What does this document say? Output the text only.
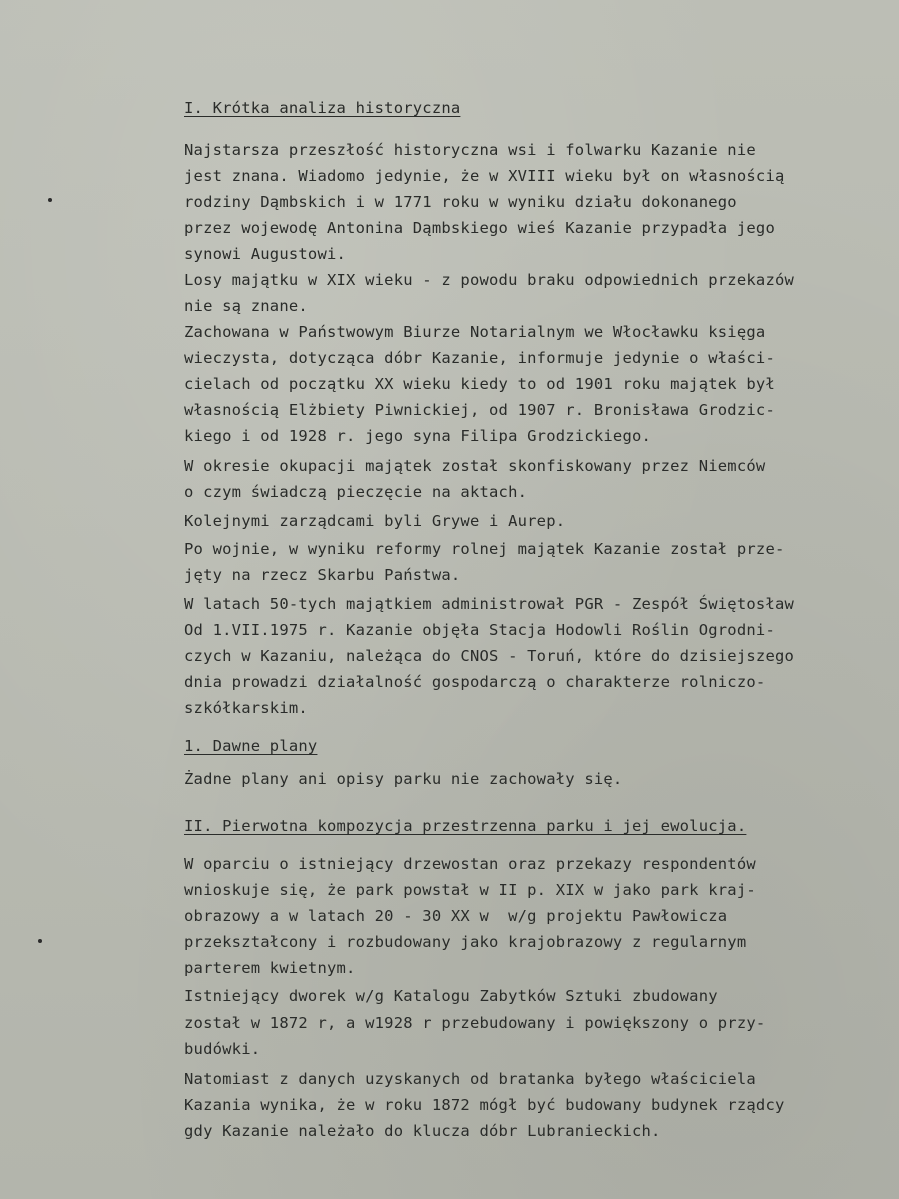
I. Krótka analiza historyczna
Najstarsza przeszłość historyczna wsi i folwarku Kazanie nie
jest znana. Wiadomo jedynie, że w XVIII wieku był on własnością
rodziny Dąmbskich i w 1771 roku w wyniku działu dokonanego
przez wojewodę Antonina Dąmbskiego wieś Kazanie przypadła jego
synowi Augustowi.
Losy majątku w XIX wieku - z powodu braku odpowiednich przekazów
nie są znane.
Zachowana w Państwowym Biurze Notarialnym we Włocławku księga
wieczysta, dotycząca dóbr Kazanie, informuje jedynie o właści-
cielach od początku XX wieku kiedy to od 1901 roku majątek był
własnością Elżbiety Piwnickiej, od 1907 r. Bronisława Grodzic-
kiego i od 1928 r. jego syna Filipa Grodzickiego.
W okresie okupacji majątek został skonfiskowany przez Niemców
o czym świadczą pieczęcie na aktach.
Kolejnymi zarządcami byli Grywe i Aurep.
Po wojnie, w wyniku reformy rolnej majątek Kazanie został prze-
jęty na rzecz Skarbu Państwa.
W latach 50-tych majątkiem administrował PGR - Zespół Świętosław
Od 1.VII.1975 r. Kazanie objęła Stacja Hodowli Roślin Ogrodni-
czych w Kazaniu, należąca do CNOS - Toruń, które do dzisiejszego
dnia prowadzi działalność gospodarczą o charakterze rolniczo-
szkółkarskim.
1. Dawne plany
Żadne plany ani opisy parku nie zachowały się.
II. Pierwotna kompozycja przestrzenna parku i jej ewolucja.
W oparciu o istniejący drzewostan oraz przekazy respondentów
wnioskuje się, że park powstał w II p. XIX w jako park kraj-
obrazowy a w latach 20 - 30 XX w  w/g projektu Pawłowicza
przekształcony i rozbudowany jako krajobrazowy z regularnym
parterem kwietnym.
Istniejący dworek w/g Katalogu Zabytków Sztuki zbudowany
został w 1872 r, a w1928 r przebudowany i powiększony o przy-
budówki.
Natomiast z danych uzyskanych od bratanka byłego właściciela
Kazania wynika, że w roku 1872 mógł być budowany budynek rządcy
gdy Kazanie należało do klucza dóbr Lubranieckich.
